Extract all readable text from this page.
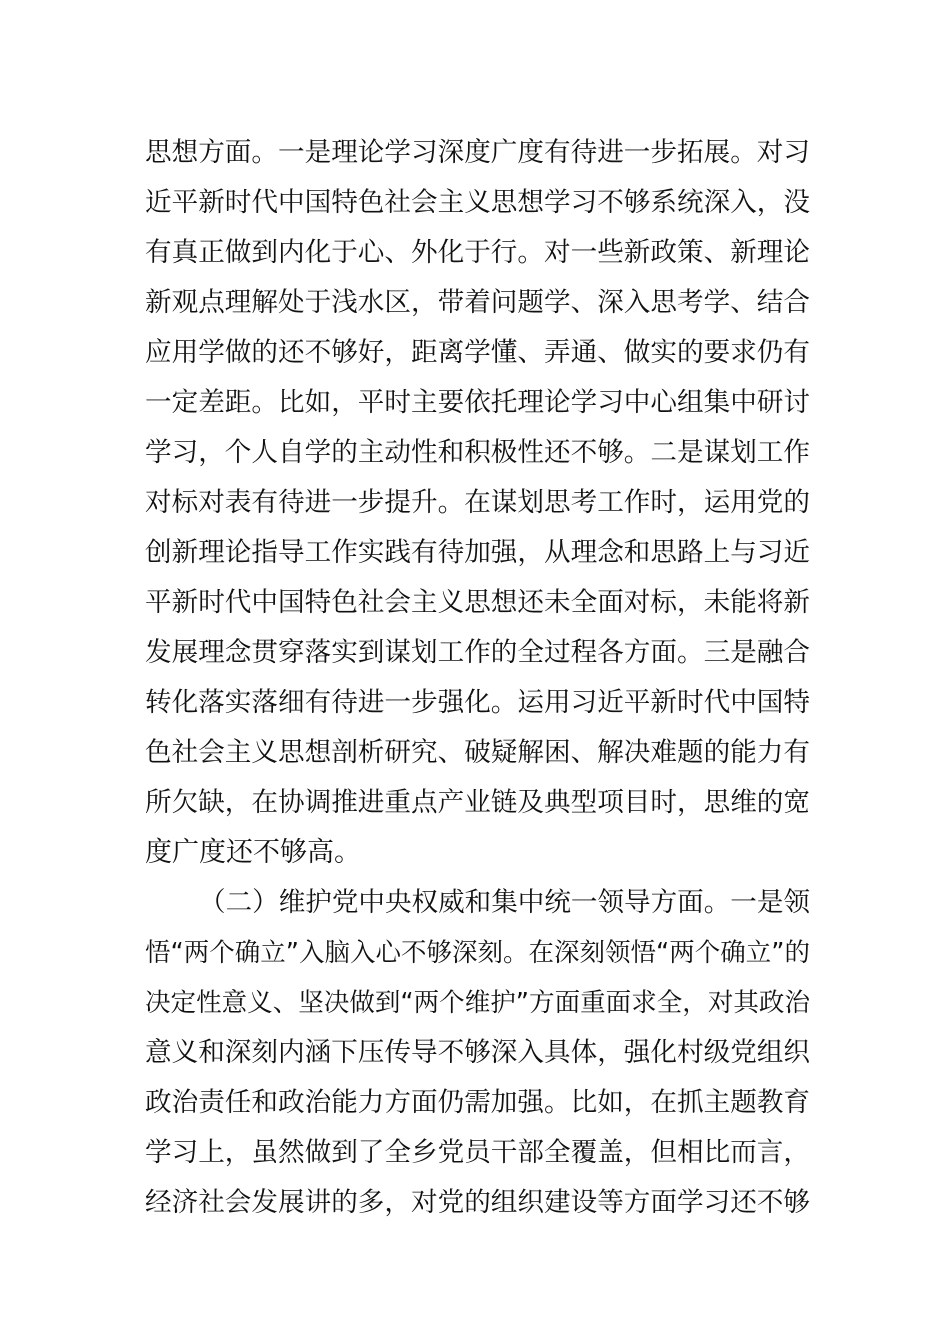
思想方面。一是理论学习深度广度有待进一步拓展。对习
近平新时代中国特色社会主义思想学习不够系统深入，没
有真正做到内化于心、外化于行。对一些新政策、新理论
新观点理解处于浅水区，带着问题学、深入思考学、结合
应用学做的还不够好，距离学懂、弄通、做实的要求仍有
一定差距。比如，平时主要依托理论学习中心组集中研讨
学习，个人自学的主动性和积极性还不够。二是谋划工作
对标对表有待进一步提升。在谋划思考工作时，运用党的
创新理论指导工作实践有待加强，从理念和思路上与习近
平新时代中国特色社会主义思想还未全面对标，未能将新
发展理念贯穿落实到谋划工作的全过程各方面。三是融合
转化落实落细有待进一步强化。运用习近平新时代中国特
色社会主义思想剖析研究、破疑解困、解决难题的能力有
所欠缺，在协调推进重点产业链及典型项目时，思维的宽
度广度还不够高。
（二）维护党中央权威和集中统一领导方面。一是领
悟“两个确立”入脑入心不够深刻。在深刻领悟“两个确立”的
决定性意义、坚决做到“两个维护”方面重面求全，对其政治
意义和深刻内涵下压传导不够深入具体，强化村级党组织
政治责任和政治能力方面仍需加强。比如，在抓主题教育
学习上，虽然做到了全乡党员干部全覆盖，但相比而言，
经济社会发展讲的多，对党的组织建设等方面学习还不够
